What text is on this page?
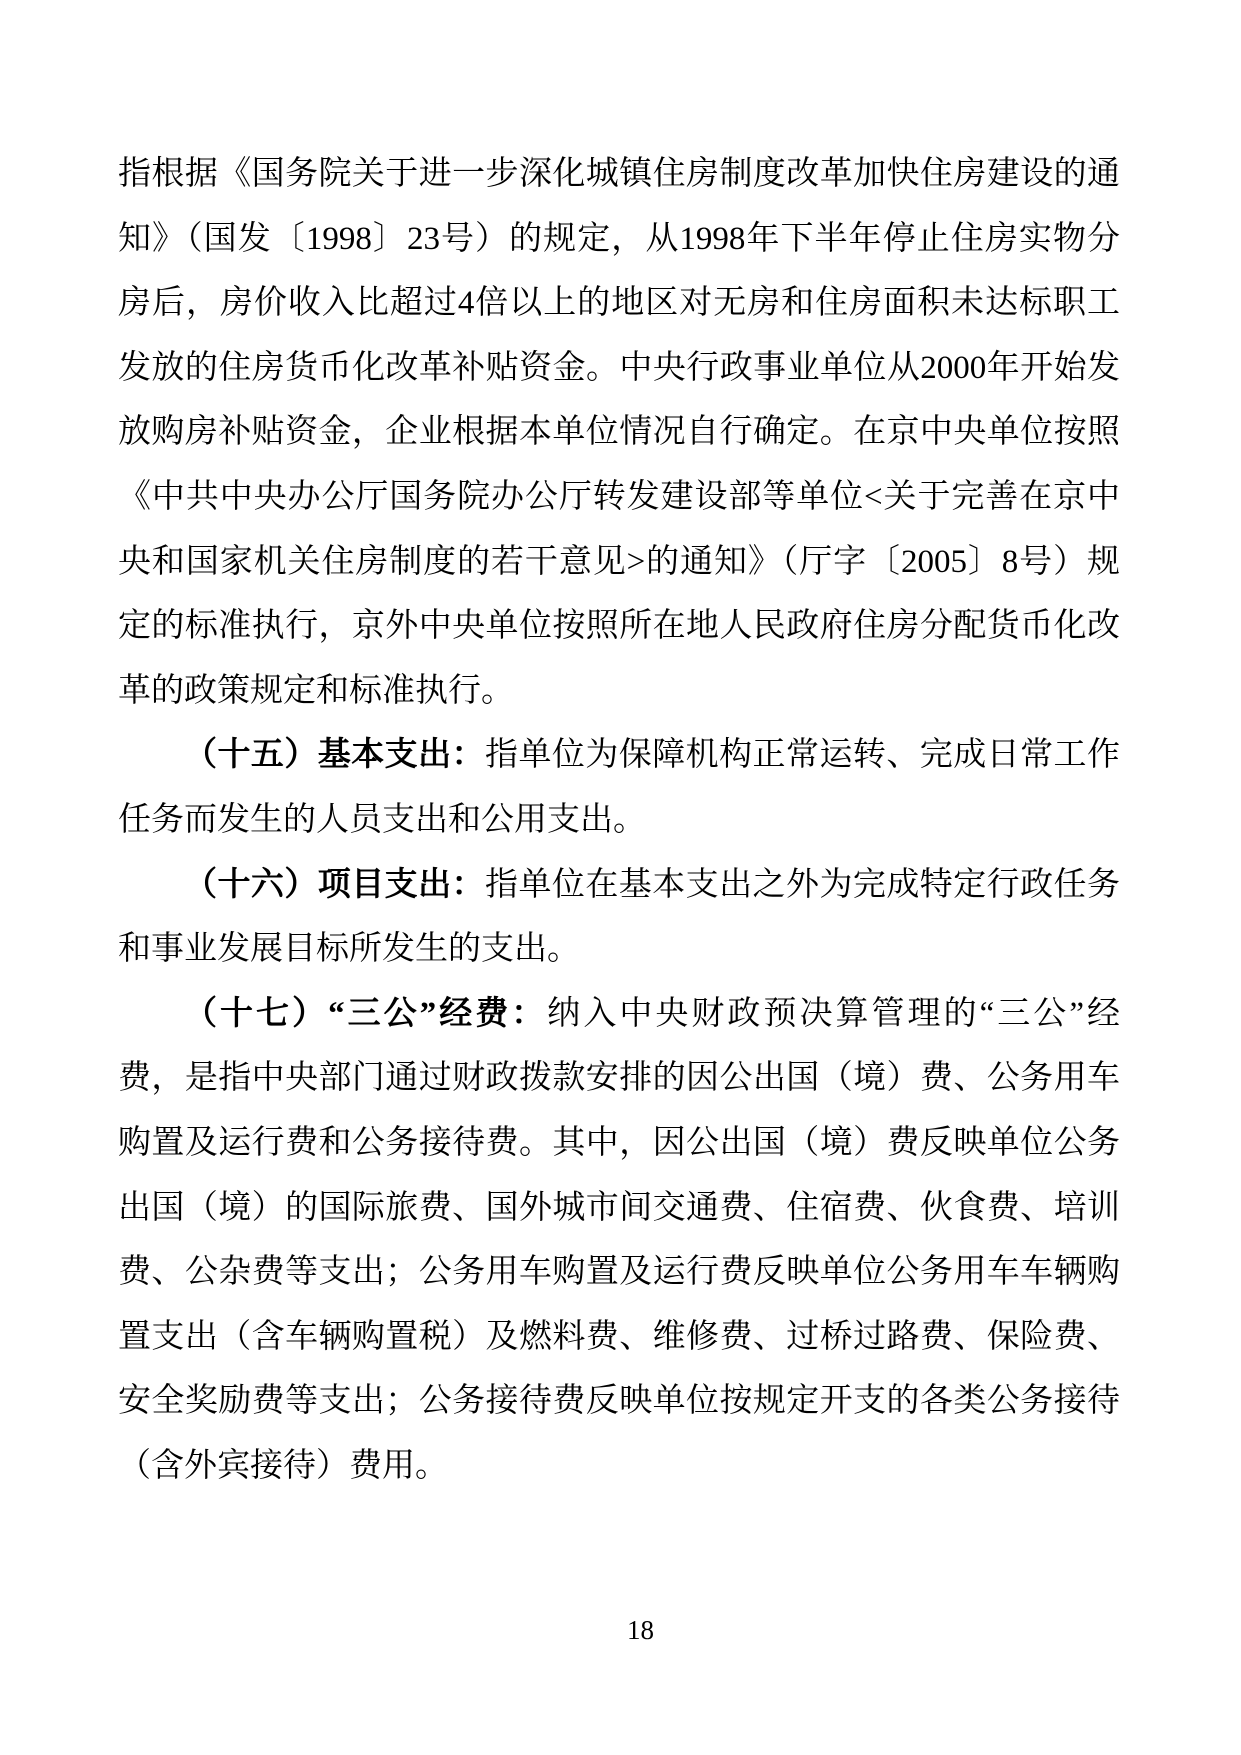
指根据《国务院关于进一步深化城镇住房制度改革加快住房建设的通
知》（国发〔1998〕23号）的规定，从1998年下半年停止住房实物分
房后，房价收入比超过4倍以上的地区对无房和住房面积未达标职工
发放的住房货币化改革补贴资金。中央行政事业单位从2000年开始发
放购房补贴资金，企业根据本单位情况自行确定。在京中央单位按照
《中共中央办公厅国务院办公厅转发建设部等单位<关于完善在京中
央和国家机关住房制度的若干意见>的通知》（厅字〔2005〕8号）规
定的标准执行，京外中央单位按照所在地人民政府住房分配货币化改
革的政策规定和标准执行。
（十五）基本支出：指单位为保障机构正常运转、完成日常工作
任务而发生的人员支出和公用支出。
（十六）项目支出：指单位在基本支出之外为完成特定行政任务
和事业发展目标所发生的支出。
（十七）“三公”经费：纳入中央财政预决算管理的“三公”经
费，是指中央部门通过财政拨款安排的因公出国（境）费、公务用车
购置及运行费和公务接待费。其中，因公出国（境）费反映单位公务
出国（境）的国际旅费、国外城市间交通费、住宿费、伙食费、培训
费、公杂费等支出；公务用车购置及运行费反映单位公务用车车辆购
置支出（含车辆购置税）及燃料费、维修费、过桥过路费、保险费、
安全奖励费等支出；公务接待费反映单位按规定开支的各类公务接待
（含外宾接待）费用。
18
